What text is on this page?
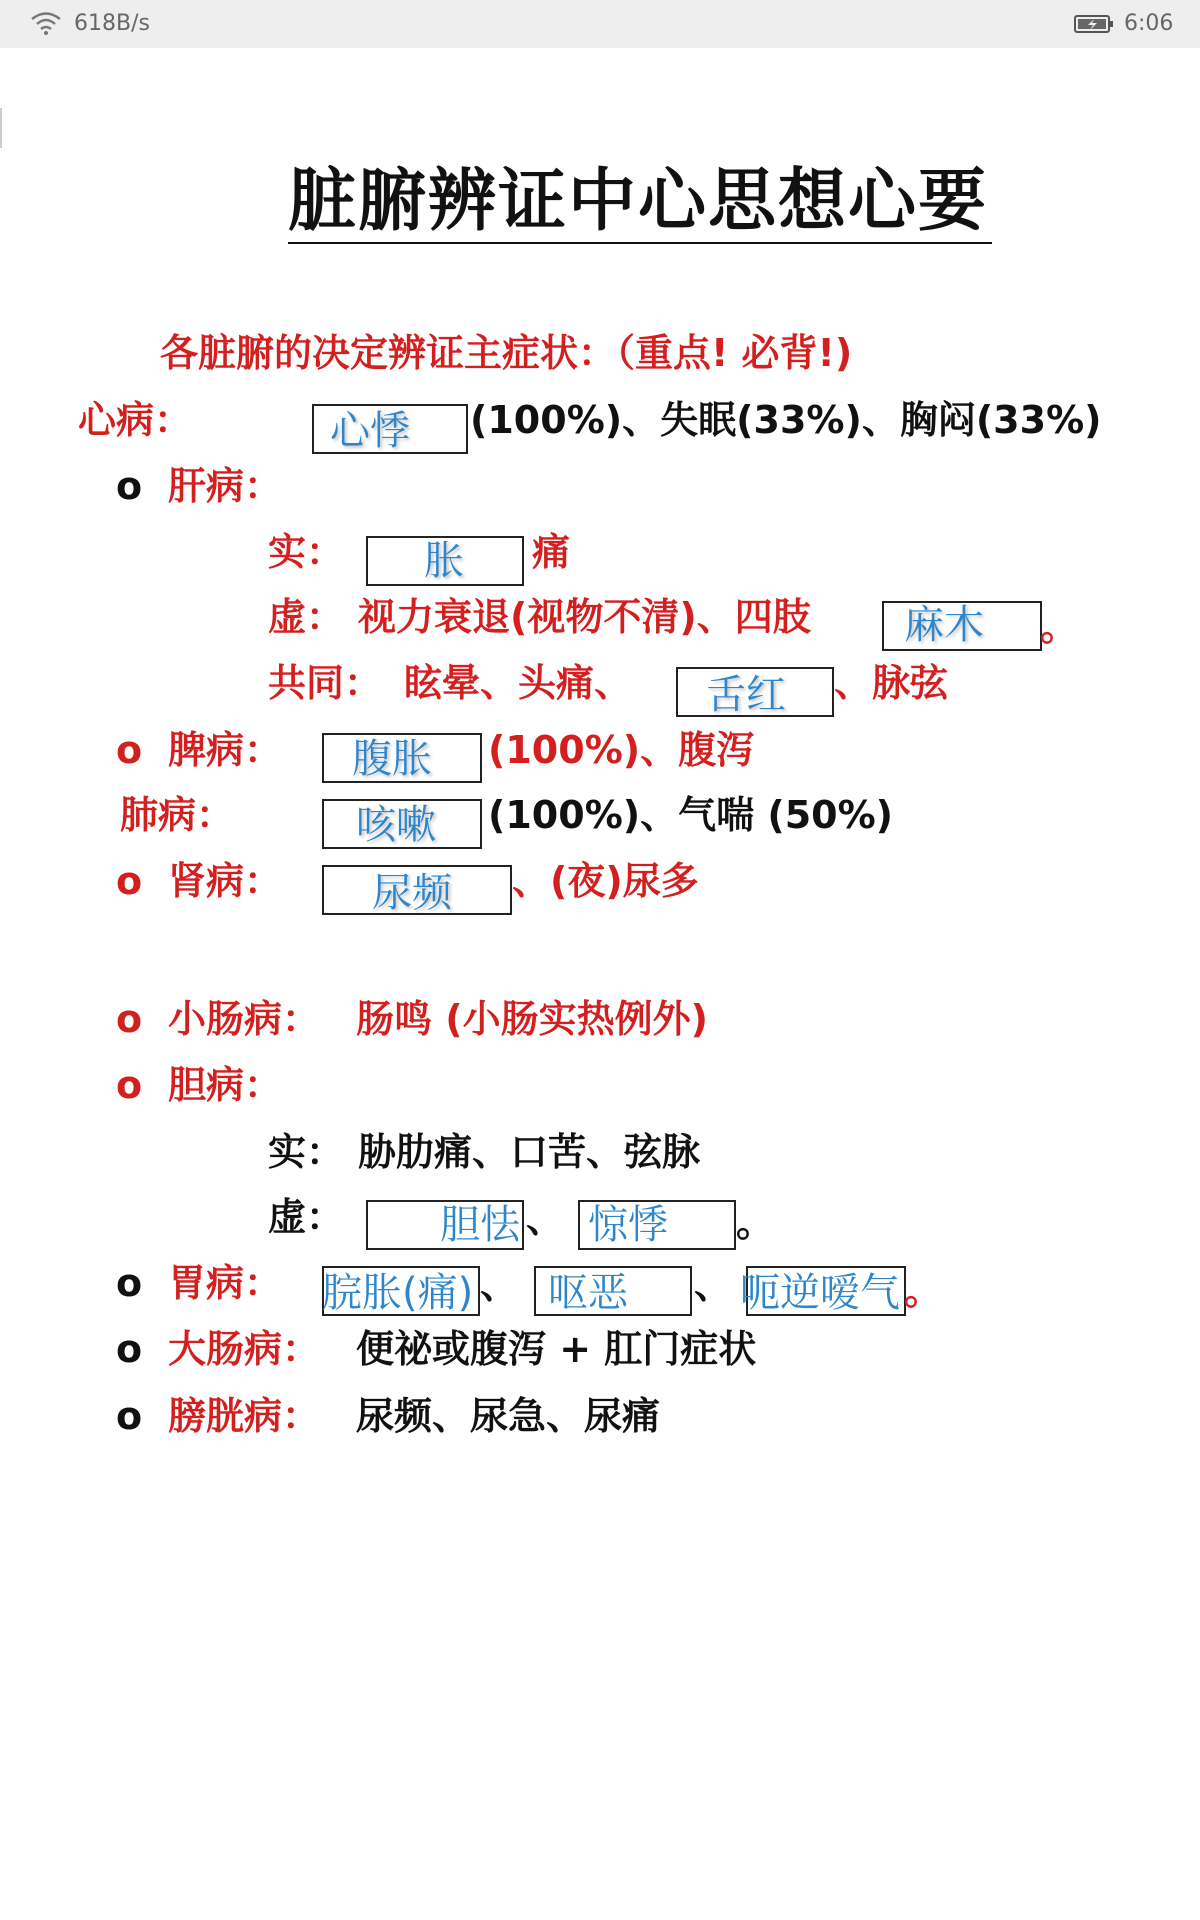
618B/s	6:06
脏腑辨证中心思想心要
各脏腑的决定辨证主症状：（重点! 必背!)
心病：	心悸 (100%)、失眠(33%)、胸闷(33%)
o 肝病：
实： 胀 痛
虚： 视力衰退(视物不清)、四肢 麻木 。
共同： 眩晕、头痛、 舌红 、脉弦
o 脾病： 腹胀 (100%)、腹泻
肺病：	咳嗽 (100%)、气喘 (50%)
o 肾病： 尿频 、(夜)尿多
o 小肠病： 肠鸣 (小肠实热例外)
o 胆病：
实： 胁肋痛、口苦、弦脉
虚： 胆怯 、 惊悸 。
o 胃病： 脘胀(痛) 、 呕恶 、 呃逆嗳气 。
o 大肠病： 便祕或腹泻 + 肛门症状
o 膀胱病： 尿频、尿急、尿痛
